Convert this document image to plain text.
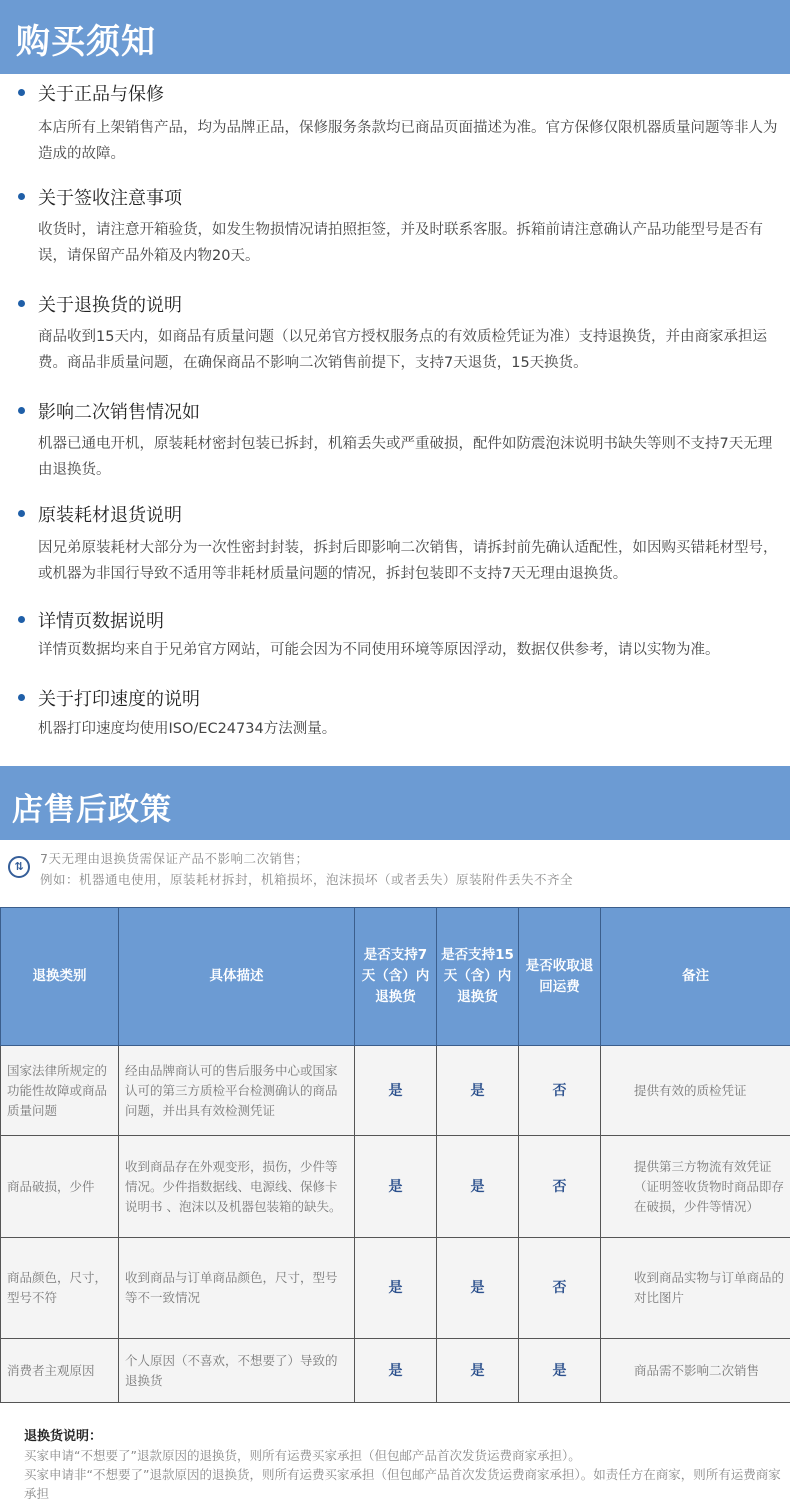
购买须知
关于正品与保修
本店所有上架销售产品，均为品牌正品，保修服务条款均已商品页面描述为准。官方保修仅限机器质量问题等非人为造成的故障。
关于签收注意事项
收货时，请注意开箱验货，如发生物损情况请拍照拒签，并及时联系客服。拆箱前请注意确认产品功能型号是否有误，请保留产品外箱及内物20天。
关于退换货的说明
商品收到15天内，如商品有质量问题（以兄弟官方授权服务点的有效质检凭证为准）支持退换货，并由商家承担运费。商品非质量问题，在确保商品不影响二次销售前提下，支持7天退货，15天换货。
影响二次销售情况如
机器已通电开机，原装耗材密封包装已拆封，机箱丢失或严重破损，配件如防震泡沫说明书缺失等则不支持7天无理由退换货。
原装耗材退货说明
因兄弟原装耗材大部分为一次性密封封装，拆封后即影响二次销售，请拆封前先确认适配性，如因购买错耗材型号，或机器为非国行导致不适用等非耗材质量问题的情况，拆封包装即不支持7天无理由退换货。
详情页数据说明
详情页数据均来自于兄弟官方网站，可能会因为不同使用环境等原因浮动，数据仅供参考，请以实物为准。
关于打印速度的说明
机器打印速度均使用ISO/EC24734方法测量。
店售后政策
⇅
7天无理由退换货需保证产品不影响二次销售；
例如：机器通电使用，原装耗材拆封，机箱损坏，泡沫损坏（或者丢失）原装附件丢失不齐全
退换类别	具体描述	是否支持7天（含）内退换货	是否支持15天（含）内退换货	是否收取退回运费	备注
国家法律所规定的功能性故障或商品质量问题	经由品牌商认可的售后服务中心或国家认可的第三方质检平台检测确认的商品问题，并出具有效检测凭证	是	是	否	提供有效的质检凭证
商品破损，少件	收到商品存在外观变形，损伤，少件等情况。少件指数据线、电源线、保修卡说明书 、泡沫以及机器包装箱的缺失。	是	是	否	提供第三方物流有效凭证（证明签收货物时商品即存在破损，少件等情况）
商品颜色，尺寸，型号不符	收到商品与订单商品颜色，尺寸，型号等不一致情况	是	是	否	收到商品实物与订单商品的对比图片
消费者主观原因	个人原因（不喜欢，不想要了）导致的退换货	是	是	是	商品需不影响二次销售
退换货说明：
买家申请“不想要了”退款原因的退换货，则所有运费买家承担（但包邮产品首次发货运费商家承担）。
买家申请非“不想要了”退款原因的退换货，则所有运费买家承担（但包邮产品首次发货运费商家承担）。如责任方在商家，则所有运费商家承担
